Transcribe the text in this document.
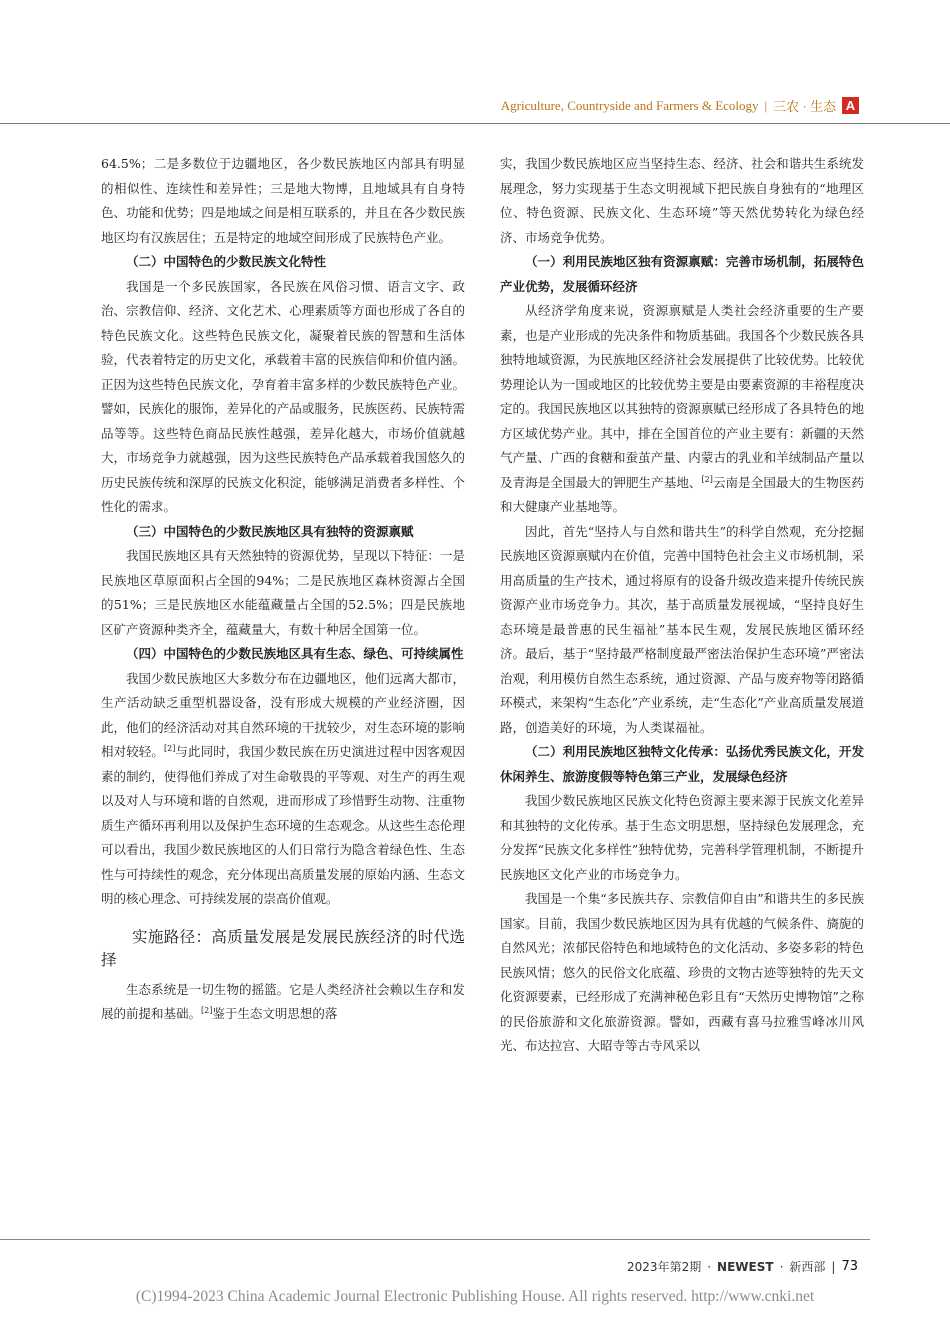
Agriculture, Countryside and Farmers & Ecology | 三农 · 生态 A

64.5%；二是多数位于边疆地区，各少数民族地区内部具有明显的相似性、连续性和差异性；三是地大物博，且地域具有自身特色、功能和优势；四是地域之间是相互联系的，并且在各少数民族地区均有汉族居住；五是特定的地域空间形成了民族特色产业。

（二）中国特色的少数民族文化特性

我国是一个多民族国家，各民族在风俗习惯、语言文字、政治、宗教信仰、经济、文化艺术、心理素质等方面也形成了各自的特色民族文化。这些特色民族文化，凝聚着民族的智慧和生活体验，代表着特定的历史文化，承载着丰富的民族信仰和价值内涵。正因为这些特色民族文化，孕育着丰富多样的少数民族特色产业。譬如，民族化的服饰，差异化的产品或服务，民族医药、民族特需品等等。这些特色商品民族性越强，差异化越大，市场价值就越大，市场竞争力就越强，因为这些民族特色产品承载着我国悠久的历史民族传统和深厚的民族文化积淀，能够满足消费者多样性、个性化的需求。

（三）中国特色的少数民族地区具有独特的资源禀赋

我国民族地区具有天然独特的资源优势，呈现以下特征：一是民族地区草原面积占全国的94%；二是民族地区森林资源占全国的51%；三是民族地区水能蕴藏量占全国的52.5%；四是民族地区矿产资源种类齐全，蕴藏量大，有数十种居全国第一位。

（四）中国特色的少数民族地区具有生态、绿色、可持续属性

我国少数民族地区大多数分布在边疆地区，他们远离大都市，生产活动缺乏重型机器设备，没有形成大规模的产业经济圈，因此，他们的经济活动对其自然环境的干扰较少，对生态环境的影响相对较轻。[2]与此同时，我国少数民族在历史演进过程中因客观因素的制约，使得他们养成了对生命敬畏的平等观、对生产的再生观以及对人与环境和谐的自然观，进而形成了珍惜野生动物、注重物质生产循环再利用以及保护生态环境的生态观念。从这些生态伦理可以看出，我国少数民族地区的人们日常行为隐含着绿色性、生态性与可持续性的观念，充分体现出高质量发展的原始内涵、生态文明的核心理念、可持续发展的崇高价值观。

实施路径：高质量发展是发展民族经济的时代选择

生态系统是一切生物的摇篮。它是人类经济社会赖以生存和发展的前提和基础。[2]鉴于生态文明思想的落

实，我国少数民族地区应当坚持生态、经济、社会和谐共生系统发展理念，努力实现基于生态文明视域下把民族自身独有的“地理区位、特色资源、民族文化、生态环境”等天然优势转化为绿色经济、市场竞争优势。

（一）利用民族地区独有资源禀赋：完善市场机制，拓展特色产业优势，发展循环经济

从经济学角度来说，资源禀赋是人类社会经济重要的生产要素，也是产业形成的先决条件和物质基础。我国各个少数民族各具独特地域资源，为民族地区经济社会发展提供了比较优势。比较优势理论认为一国或地区的比较优势主要是由要素资源的丰裕程度决定的。我国民族地区以其独特的资源禀赋已经形成了各具特色的地方区域优势产业。其中，排在全国首位的产业主要有：新疆的天然气产量、广西的食糖和蚕茧产量、内蒙古的乳业和羊绒制品产量以及青海是全国最大的钾肥生产基地、[2]云南是全国最大的生物医药和大健康产业基地等。

因此，首先“坚持人与自然和谐共生”的科学自然观，充分挖掘民族地区资源禀赋内在价值，完善中国特色社会主义市场机制，采用高质量的生产技术，通过将原有的设备升级改造来提升传统民族资源产业市场竞争力。其次，基于高质量发展视域，“坚持良好生态环境是最普惠的民生福祉”基本民生观，发展民族地区循环经济。最后，基于“坚持最严格制度最严密法治保护生态环境”严密法治观，利用模仿自然生态系统，通过资源、产品与废弃物等闭路循环模式，来架构“生态化”产业系统，走“生态化”产业高质量发展道路，创造美好的环境，为人类谋福祉。

（二）利用民族地区独特文化传承：弘扬优秀民族文化，开发休闲养生、旅游度假等特色第三产业，发展绿色经济

我国少数民族地区民族文化特色资源主要来源于民族文化差异和其独特的文化传承。基于生态文明思想，坚持绿色发展理念，充分发挥“民族文化多样性”独特优势，完善科学管理机制，不断提升民族地区文化产业的市场竞争力。

我国是一个集“多民族共存、宗教信仰自由”和谐共生的多民族国家。目前，我国少数民族地区因为具有优越的气候条件、旖旎的自然风光；浓郁民俗特色和地域特色的文化活动、多姿多彩的特色民族风情；悠久的民俗文化底蕴、珍贵的文物古迹等独特的先天文化资源要素，已经形成了充满神秘色彩且有“天然历史博物馆”之称的民俗旅游和文化旅游资源。譬如，西藏有喜马拉雅雪峰冰川风光、布达拉宫、大昭寺等古寺风采以

2023年第2期 · NEWEST · 新西部 | 73
(C)1994-2023 China Academic Journal Electronic Publishing House. All rights reserved. http://www.cnki.net
